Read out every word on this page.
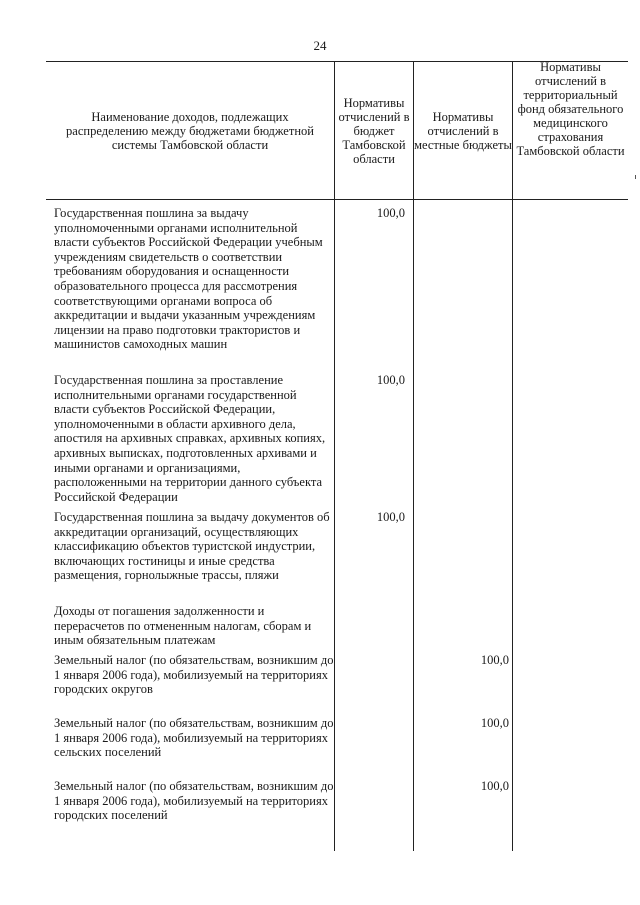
24
Наименование доходов, подлежащих распределению между бюджетами бюджетной системы Тамбовской области
Нормативы отчислений в бюджет Тамбовской области
Нормативы отчислений в местные бюджеты
Нормативы отчислений в территориальный фонд обязательного медицинского страхования Тамбовской области
Государственная пошлина за выдачу уполномоченными органами исполнительной власти субъектов Российской Федерации учебным учреждениям свидетельств о соответствии требованиям оборудования и оснащенности образовательного процесса для рассмотрения соответствующими органами вопроса об аккредитации и выдачи указанным учреждениям лицензии на право подготовки трактористов и машинистов самоходных машин
100,0
Государственная пошлина за проставление исполнительными органами государственной власти субъектов Российской Федерации, уполномоченными в области архивного дела, апостиля на архивных справках, архивных копиях, архивных выписках, подготовленных архивами и иными органами и организациями, расположенными на территории данного субъекта Российской Федерации
100,0
Государственная пошлина за выдачу документов об аккредитации организаций, осуществляющих классификацию объектов туристской индустрии, включающих гостиницы и иные средства размещения, горнолыжные трассы, пляжи
100,0
Доходы от погашения задолженности и перерасчетов по отмененным налогам, сборам и иным обязательным платежам
Земельный налог (по обязательствам, возникшим до 1 января 2006 года), мобилизуемый на территориях городских округов
100,0
Земельный налог (по обязательствам, возникшим до 1 января 2006 года), мобилизуемый на территориях сельских поселений
100,0
Земельный налог (по обязательствам, возникшим до 1 января 2006 года), мобилизуемый на территориях городских поселений
100,0
